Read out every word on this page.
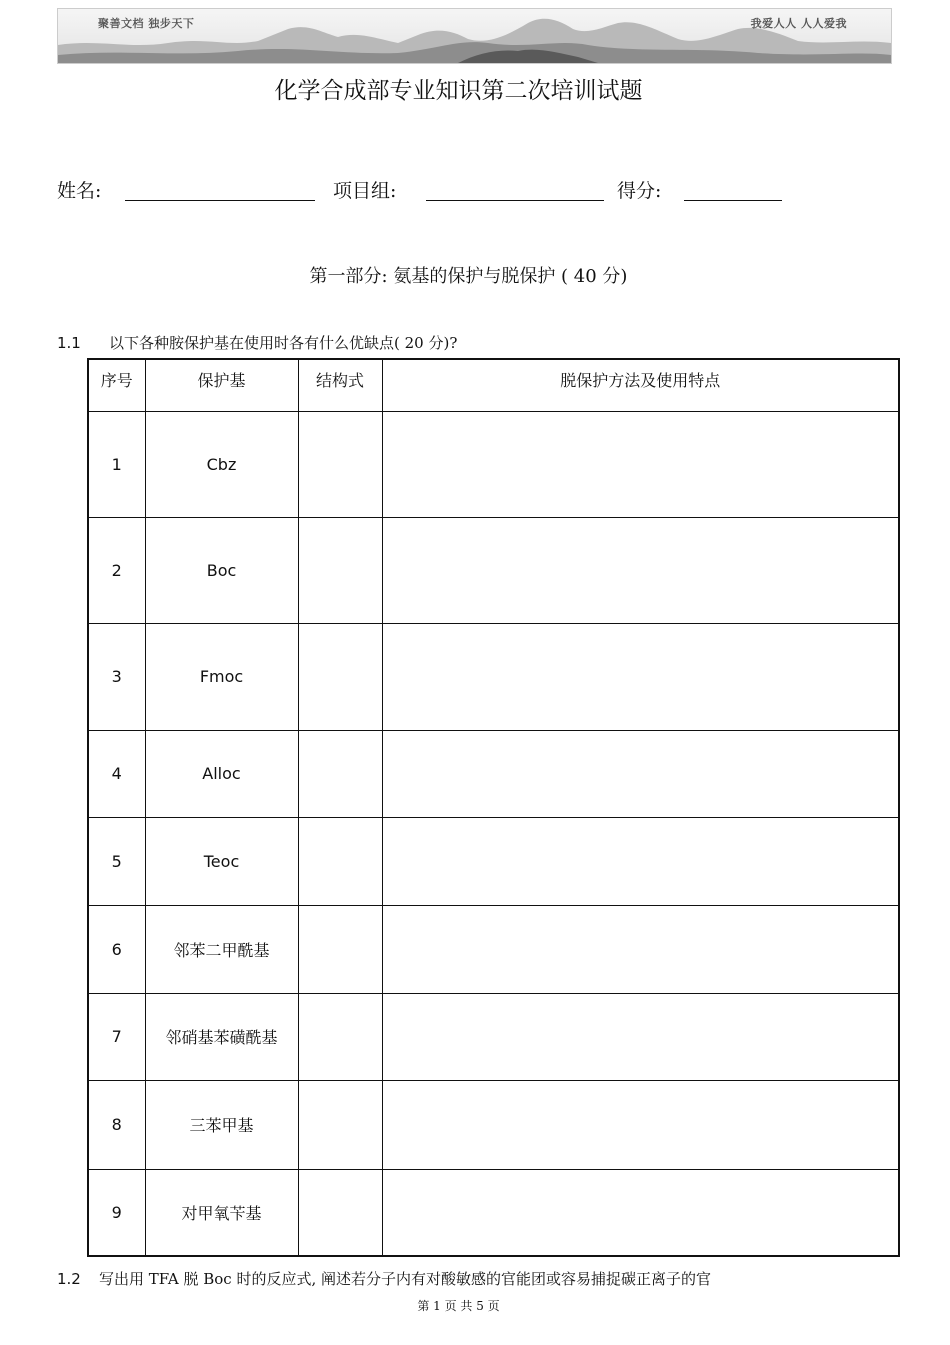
聚善文档 独步天下	我爱人人 人人爱我
化学合成部专业知识第二次培训试题
姓名:	项目组:	得分:
第一部分: 氨基的保护与脱保护 ( 40 分)
1.1 以下各种胺保护基在使用时各有什么优缺点( 20 分)?
序号	保护基	结构式	脱保护方法及使用特点
1	Cbz		
2	Boc		
3	Fmoc		
4	Alloc		
5	Teoc		
6	邻苯二甲酰基		
7	邻硝基苯磺酰基		
8	三苯甲基		
9	对甲氧苄基		
1.2 写出用 TFA 脱 Boc 时的反应式, 阐述若分子内有对酸敏感的官能团或容易捕捉碳正离子的官
第 1 页 共 5 页
